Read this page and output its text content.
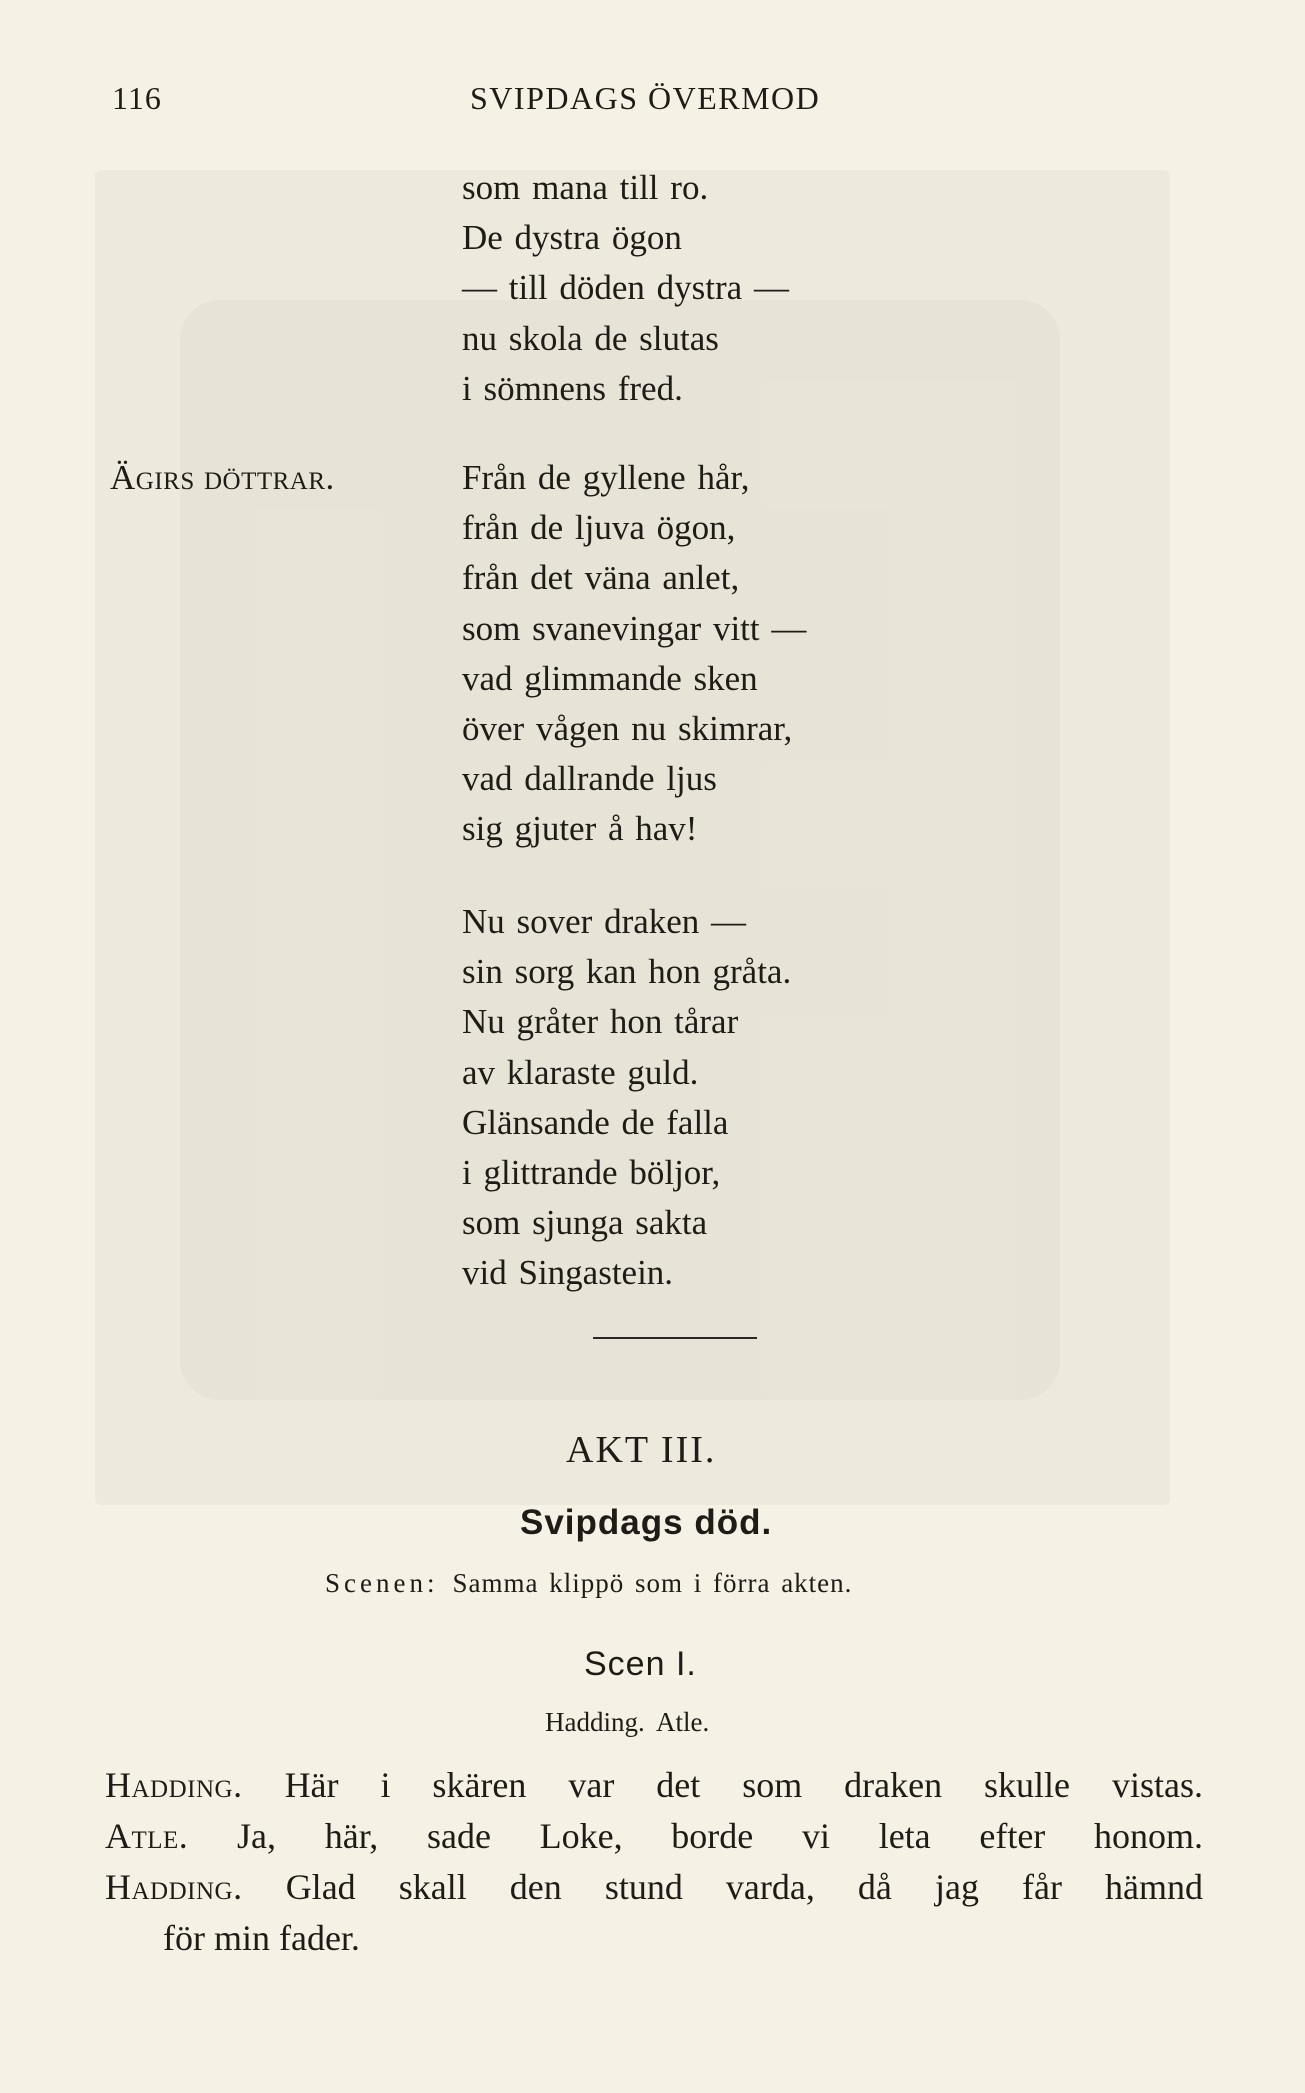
116	SVIPDAGS ÖVERMOD
som mana till ro.
De dystra ögon
— till döden dystra —
nu skola de slutas
i sömnens fred.
Ägirs döttrar.	Från de gyllene hår,
från de ljuva ögon,
från det väna anlet,
som svanevingar vitt —
vad glimmande sken
över vågen nu skimrar,
vad dallrande ljus
sig gjuter å hav!
Nu sover draken —
sin sorg kan hon gråta.
Nu gråter hon tårar
av klaraste guld.
Glänsande de falla
i glittrande böljor,
som sjunga sakta
vid Singastein.
AKT III.
Svipdags död.
Scenen: Samma klippö som i förra akten.
Scen I.
Hadding. Atle.
Hadding. Här i skären var det som draken skulle vistas.
Atle. Ja, här, sade Loke, borde vi leta efter honom.
Hadding. Glad skall den stund varda, då jag får hämnd
för min fader.
